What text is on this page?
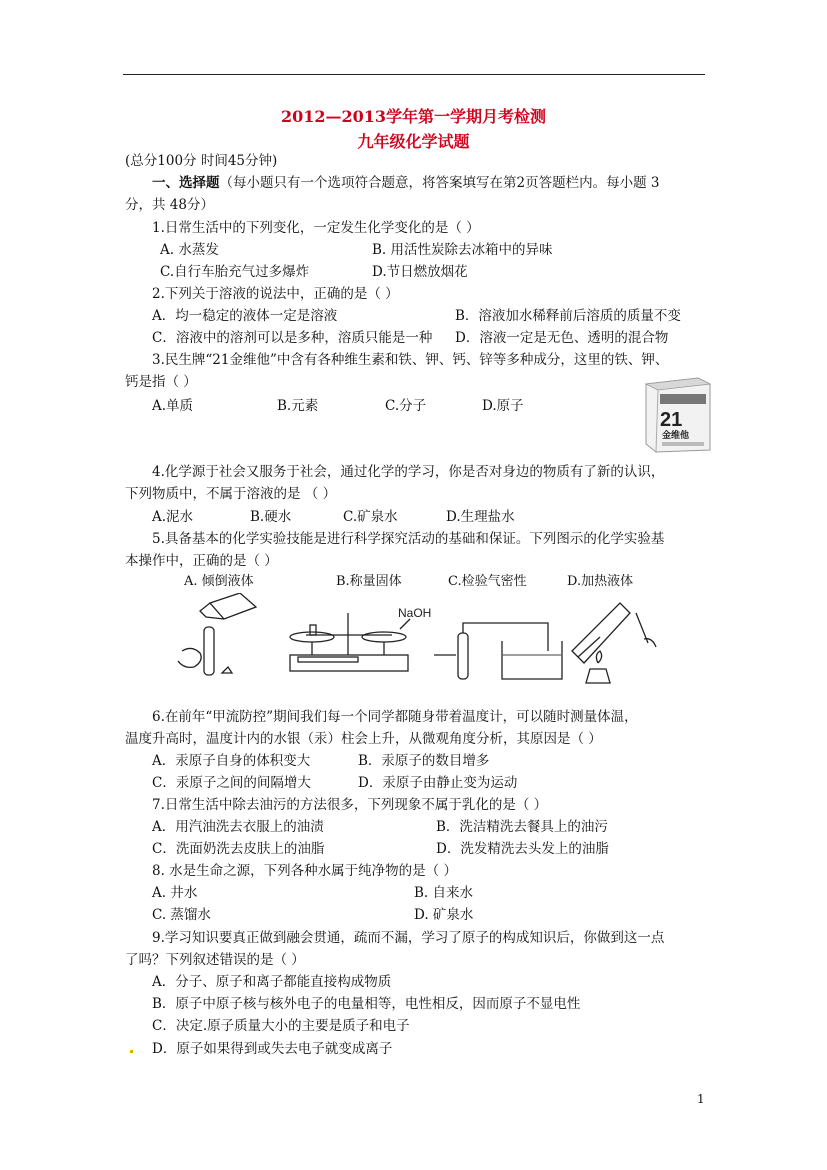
2012—2013学年第一学期月考检测
九年级化学试题
(总分100分 时间45分钟)
一、选择题（每小题只有一个选项符合题意，将答案填写在第2页答题栏内。每小题 3
分，共 48分）
1.日常生活中的下列变化，一定发生化学变化的是（ ）
A. 水蒸发	B. 用活性炭除去冰箱中的异味
C.自行车胎充气过多爆炸	D.节日燃放烟花
2.下列关于溶液的说法中，正确的是（ ）
A．均一稳定的液体一定是溶液	B．溶液加水稀释前后溶质的质量不变
C．溶液中的溶剂可以是多种，溶质只能是一种 D．溶液一定是无色、透明的混合物
3.民生牌“21金维他”中含有各种维生素和铁、钾、钙、锌等多种成分，这里的铁、钾、
钙是指（ ）
A.单质	B.元素	C.分子	D.原子
21
金维他
4.化学源于社会又服务于社会，通过化学的学习，你是否对身边的物质有了新的认识，
下列物质中，不属于溶液的是 （ ）
A.泥水	B.硬水	C.矿泉水	D.生理盐水
5.具备基本的化学实验技能是进行科学探究活动的基础和保证。下列图示的化学实验基
本操作中，正确的是（ ）
A. 倾倒液体	B.称量固体	C.检验气密性	D.加热液体
NaOH
6.在前年“甲流防控”期间我们每一个同学都随身带着温度计，可以随时测量体温，
温度升高时，温度计内的水银（汞）柱会上升，从微观角度分析，其原因是（ ）
A．汞原子自身的体积变大	B．汞原子的数目增多
C．汞原子之间的间隔增大	D．汞原子由静止变为运动
7.日常生活中除去油污的方法很多，下列现象不属于乳化的是（ ）
A．用汽油洗去衣服上的油渍	B．洗洁精洗去餐具上的油污
C．洗面奶洗去皮肤上的油脂	D．洗发精洗去头发上的油脂
8. 水是生命之源，下列各种水属于纯净物的是（ ）
A. 井水	B. 自来水
C. 蒸馏水	D. 矿泉水
9.学习知识要真正做到融会贯通，疏而不漏，学习了原子的构成知识后，你做到这一点
了吗？下列叙述错误的是（ ）
A．分子、原子和离子都能直接构成物质
B．原子中原子核与核外电子的电量相等，电性相反，因而原子不显电性
C．决定.原子质量大小的主要是质子和电子
D．原子如果得到或失去电子就变成离子
1
